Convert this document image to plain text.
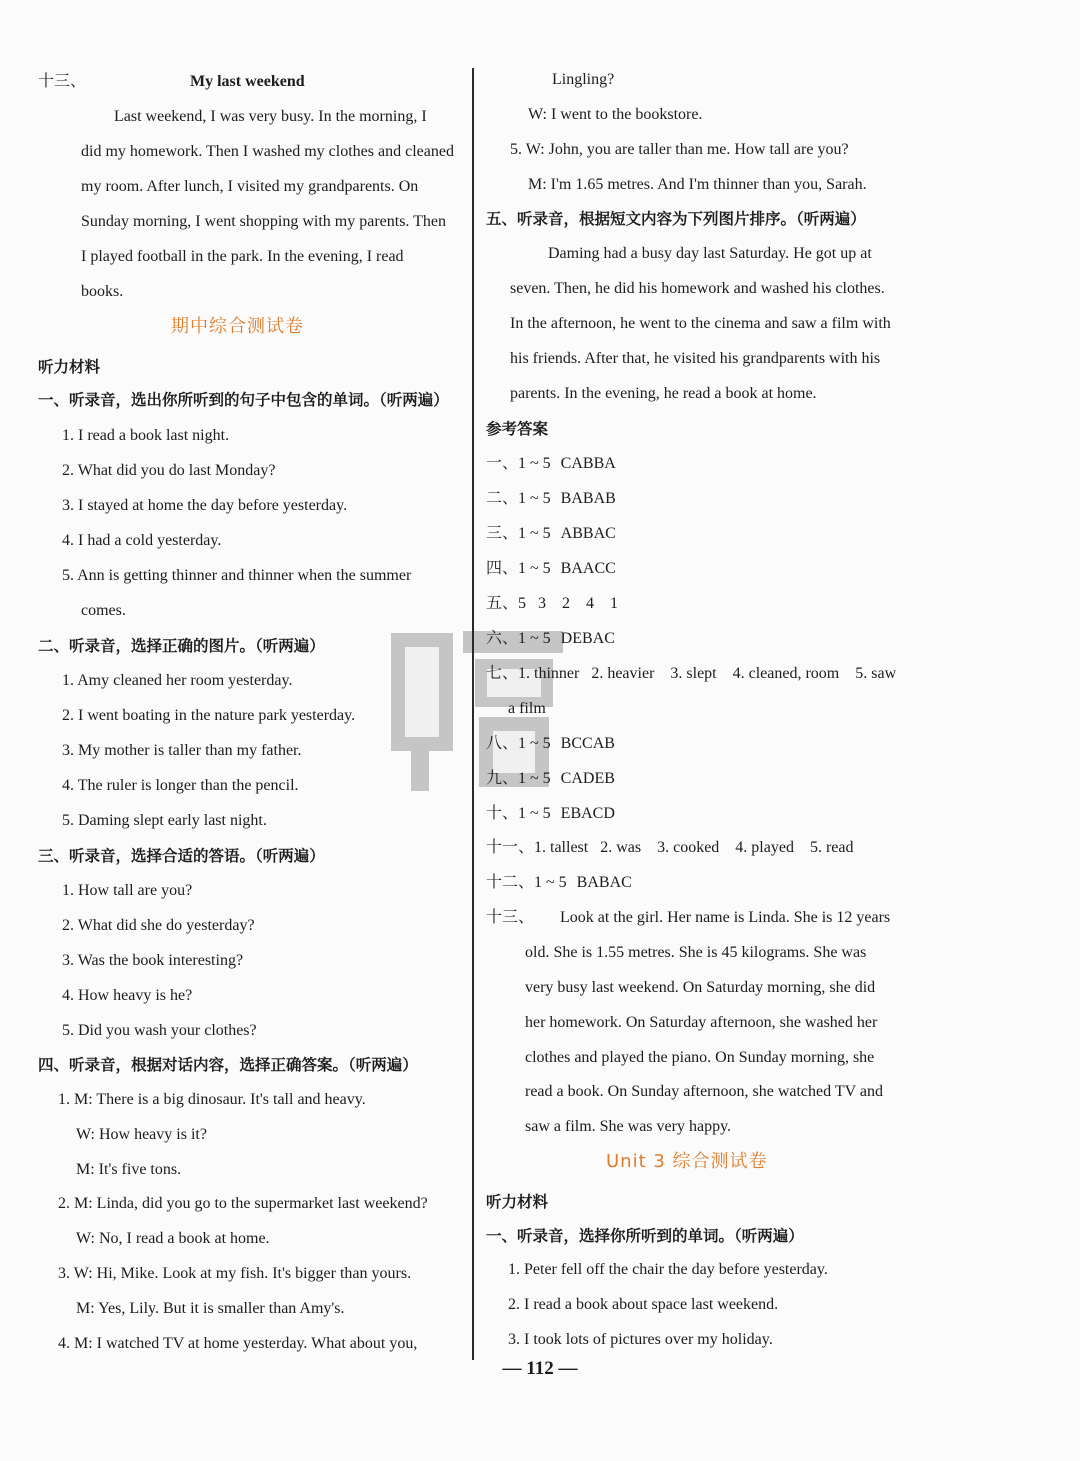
十三、	My last weekend
Last weekend, I was very busy. In the morning, I
did my homework. Then I washed my clothes and cleaned
my room. After lunch, I visited my grandparents. On
Sunday morning, I went shopping with my parents. Then
I played football in the park. In the evening, I read
books.
期中综合测试卷
听力材料
一、听录音，选出你所听到的句子中包含的单词。（听两遍）
1. I read a book last night.
2. What did you do last Monday?
3. I stayed at home the day before yesterday.
4. I had a cold yesterday.
5. Ann is getting thinner and thinner when the summer
comes.
二、听录音，选择正确的图片。（听两遍）
1. Amy cleaned her room yesterday.
2. I went boating in the nature park yesterday.
3. My mother is taller than my father.
4. The ruler is longer than the pencil.
5. Daming slept early last night.
三、听录音，选择合适的答语。（听两遍）
1. How tall are you?
2. What did she do yesterday?
3. Was the book interesting?
4. How heavy is he?
5. Did you wash your clothes?
四、听录音，根据对话内容，选择正确答案。（听两遍）
1. M: There is a big dinosaur. It's tall and heavy.
W: How heavy is it?
M: It's five tons.
2. M: Linda, did you go to the supermarket last weekend?
W: No, I read a book at home.
3. W: Hi, Mike. Look at my fish. It's bigger than yours.
M: Yes, Lily. But it is smaller than Amy's.
4. M: I watched TV at home yesterday. What about you,
Lingling?
W: I went to the bookstore.
5. W: John, you are taller than me. How tall are you?
M: I'm 1.65 metres. And I'm thinner than you, Sarah.
五、听录音，根据短文内容为下列图片排序。（听两遍）
Daming had a busy day last Saturday. He got up at
seven. Then, he did his homework and washed his clothes.
In the afternoon, he went to the cinema and saw a film with
his friends. After that, he visited his grandparents with his
parents. In the evening, he read a book at home.
参考答案
一、1 ~ 5 CABBA
二、1 ~ 5 BABAB
三、1 ~ 5 ABBAC
四、1 ~ 5 BAACC
五、5 3    2    4    1
六、1 ~ 5 DEBAC
七、1. thinner 2. heavier    3. slept    4. cleaned, room    5. saw
a film
八、1 ~ 5 BCCAB
九、1 ~ 5 CADEB
十、1 ~ 5 EBACD
十一、1. tallest 2. was    3. cooked    4. played    5. read
十二、1 ~ 5 BABAC
十三、 Look at the girl. Her name is Linda. She is 12 years
old. She is 1.55 metres. She is 45 kilograms. She was
very busy last weekend. On Saturday morning, she did
her homework. On Saturday afternoon, she washed her
clothes and played the piano. On Sunday morning, she
read a book. On Sunday afternoon, she watched TV and
saw a film. She was very happy.
Unit 3 综合测试卷
听力材料
一、听录音，选择你所听到的单词。（听两遍）
1. Peter fell off the chair the day before yesterday.
2. I read a book about space last weekend.
3. I took lots of pictures over my holiday.
— 112 —
